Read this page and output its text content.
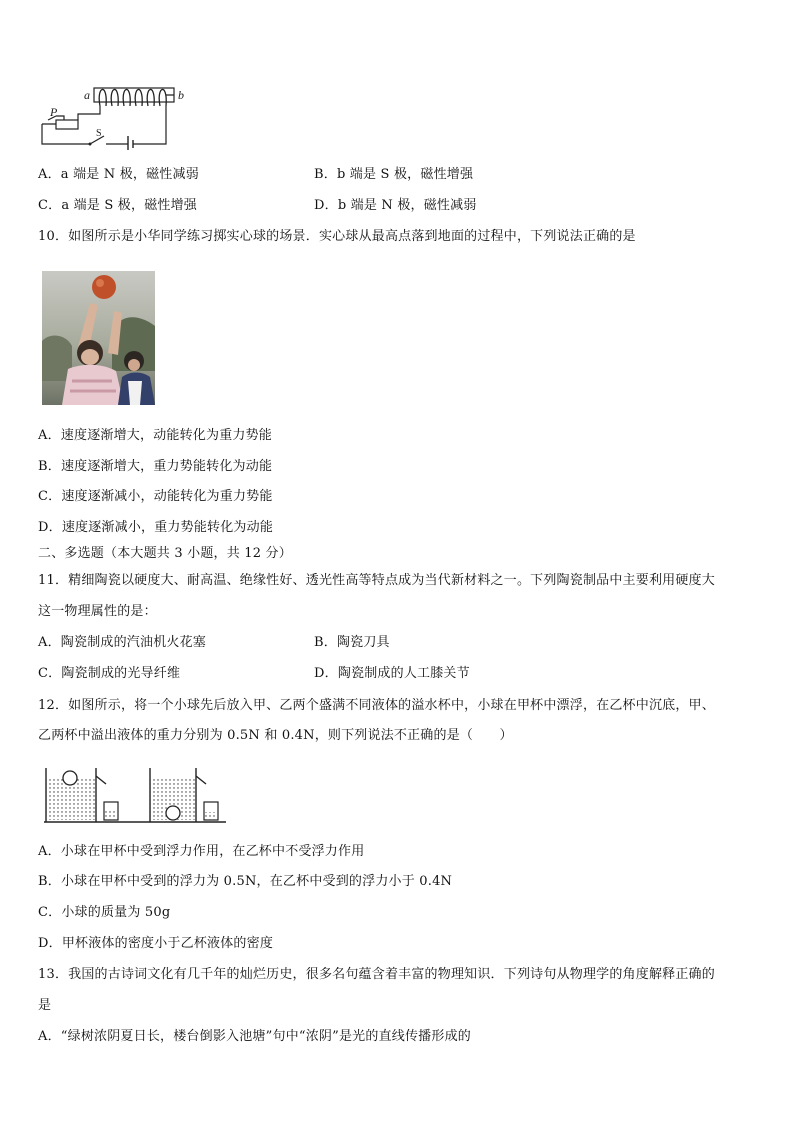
a	b
P
S
A．a 端是 N 极，磁性减弱	B．b 端是 S 极，磁性增强
C．a 端是 S 极，磁性增强	D．b 端是 N 极，磁性减弱
10．如图所示是小华同学练习掷实心球的场景．实心球从最高点落到地面的过程中，下列说法正确的是
A．速度逐渐增大，动能转化为重力势能
B．速度逐渐增大，重力势能转化为动能
C．速度逐渐减小，动能转化为重力势能
D．速度逐渐减小，重力势能转化为动能
二、多选题（本大题共 3 小题，共 12 分）
11．精细陶瓷以硬度大、耐高温、绝缘性好、透光性高等特点成为当代新材料之一。下列陶瓷制品中主要利用硬度大
这一物理属性的是：
A．陶瓷制成的汽油机火花塞	B．陶瓷刀具
C．陶瓷制成的光导纤维	D．陶瓷制成的人工膝关节
12．如图所示，将一个小球先后放入甲、乙两个盛满不同液体的溢水杯中，小球在甲杯中漂浮，在乙杯中沉底，甲、
乙两杯中溢出液体的重力分别为 0.5N 和 0.4N，则下列说法不正确的是（　　）
A．小球在甲杯中受到浮力作用，在乙杯中不受浮力作用
B．小球在甲杯中受到的浮力为 0.5N，在乙杯中受到的浮力小于 0.4N
C．小球的质量为 50g
D．甲杯液体的密度小于乙杯液体的密度
13．我国的古诗词文化有几千年的灿烂历史，很多名句蕴含着丰富的物理知识．下列诗句从物理学的角度解释正确的
是
A．“绿树浓阴夏日长，楼台倒影入池塘”句中“浓阴”是光的直线传播形成的
